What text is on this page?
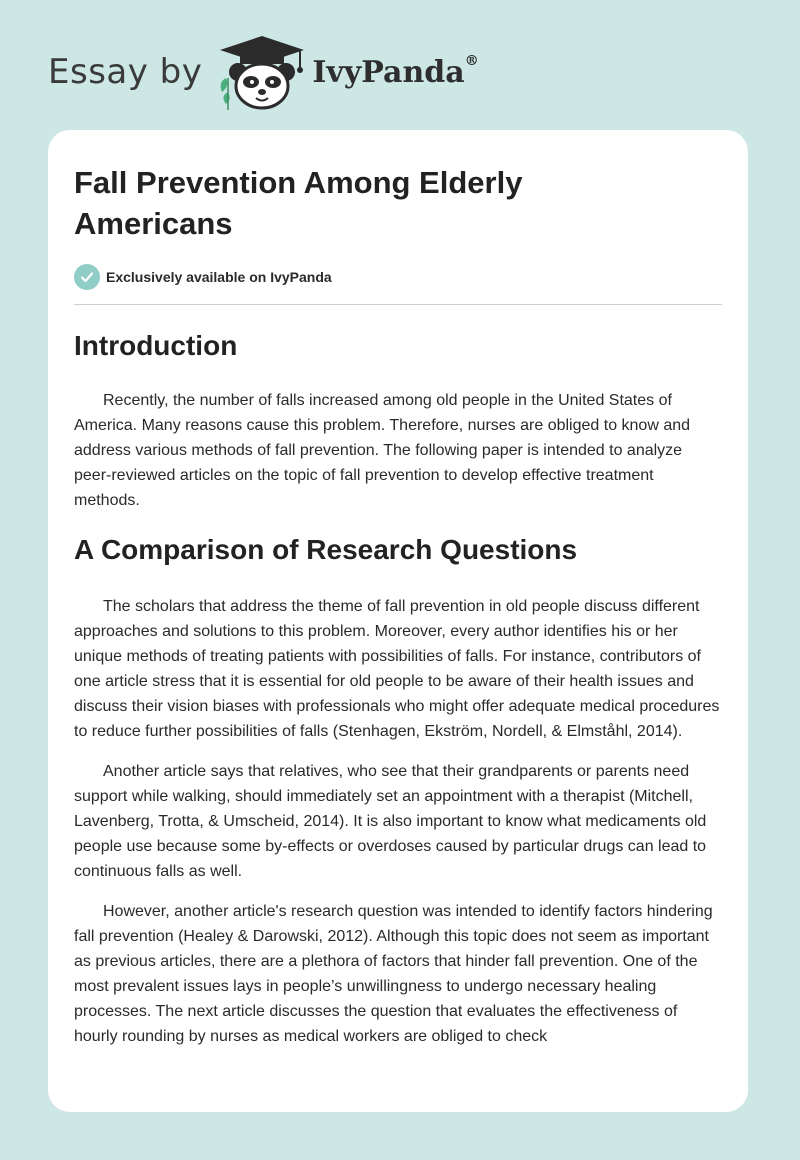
Essay by	IvyPanda®
Fall Prevention Among Elderly Americans
Exclusively available on IvyPanda
Introduction

Recently, the number of falls increased among old people in the United States of America. Many reasons cause this problem. Therefore, nurses are obliged to know and address various methods of fall prevention. The following paper is intended to analyze peer-reviewed articles on the topic of fall prevention to develop effective treatment methods.

A Comparison of Research Questions

The scholars that address the theme of fall prevention in old people discuss different approaches and solutions to this problem. Moreover, every author identifies his or her unique methods of treating patients with possibilities of falls. For instance, contributors of one article stress that it is essential for old people to be aware of their health issues and discuss their vision biases with professionals who might offer adequate medical procedures to reduce further possibilities of falls (Stenhagen, Ekström, Nordell, & Elmståhl, 2014).

Another article says that relatives, who see that their grandparents or parents need support while walking, should immediately set an appointment with a therapist (Mitchell, Lavenberg, Trotta, & Umscheid, 2014). It is also important to know what medicaments old people use because some by-effects or overdoses caused by particular drugs can lead to continuous falls as well.

However, another article's research question was intended to identify factors hindering fall prevention (Healey & Darowski, 2012). Although this topic does not seem as important as previous articles, there are a plethora of factors that hinder fall prevention. One of the most prevalent issues lays in people’s unwillingness to undergo necessary healing processes. The next article discusses the question that evaluates the effectiveness of hourly rounding by nurses as medical workers are obliged to check
